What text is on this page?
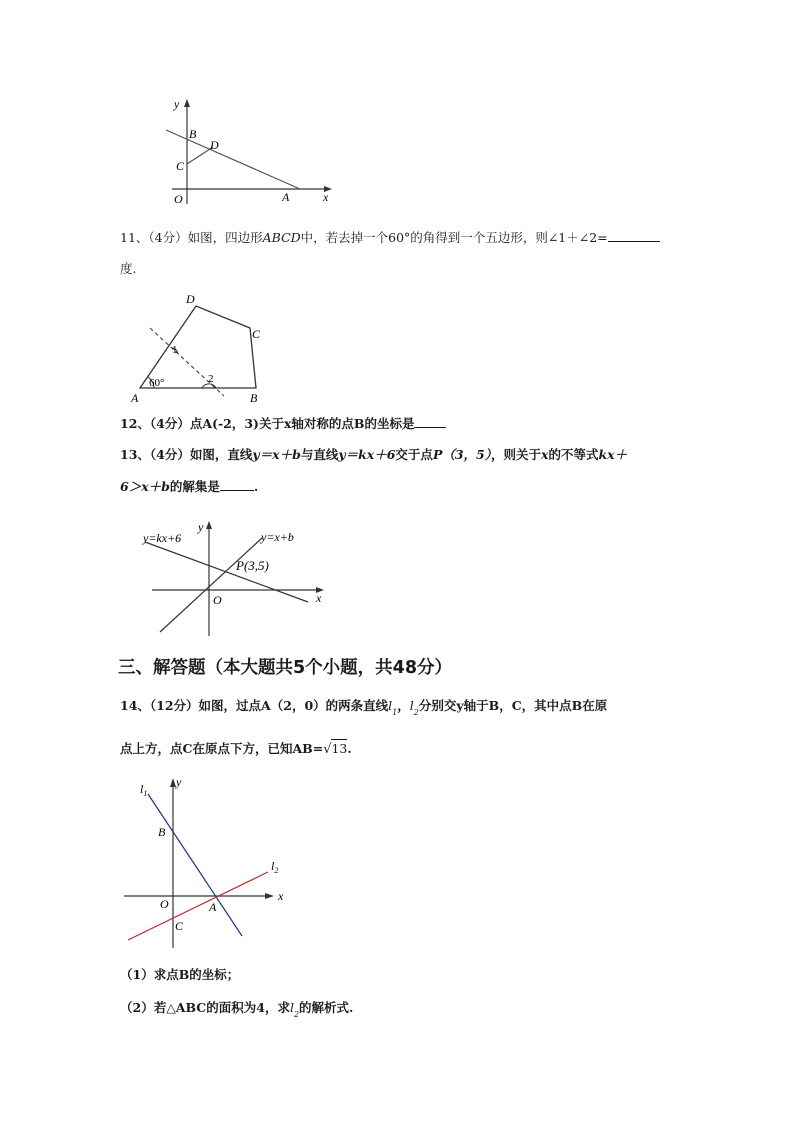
y
B
D
C
O	A	x
11、（4分）如图，四边形ABCD中，若去掉一个60°的角得到一个五边形，则∠1＋∠2=
度.
D
C
A	B
1
2
60°
12、（4分）点A(-2，3)关于x轴对称的点B的坐标是
13、（4分）如图，直线y＝x＋b与直线y＝kx＋6交于点P（3，5），则关于x的不等式kx＋
6＞x＋b的解集是	.
y=kx+6	y=x+b
P(3,5)
O	x
y
三、解答题（本大题共5个小题，共48分）
14、（12分）如图，过点A（2，0）的两条直线$l_1$，$l_2$分别交y轴于B，C，其中点B在原
点上方，点C在原点下方，已知AB=√13.
$l_1$
y
B
$l_2$
x
O	A
C
（1）求点B的坐标；
（2）若△ABC的面积为4，求$l_2$的解析式.
